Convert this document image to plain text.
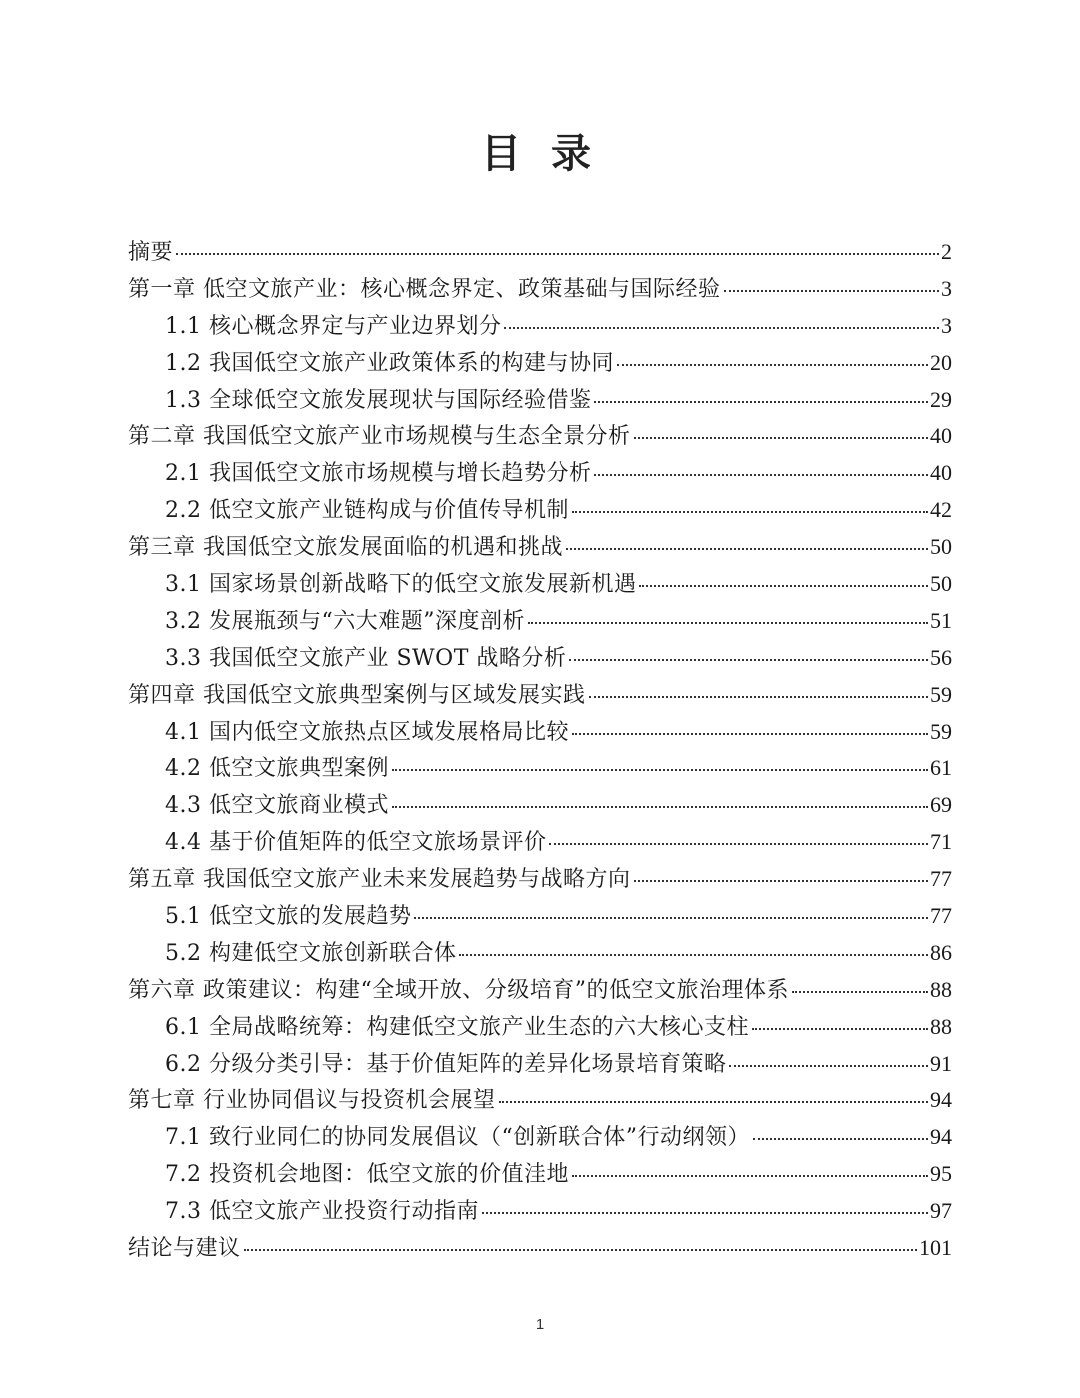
目 录
摘要	2
第一章 低空文旅产业：核心概念界定、政策基础与国际经验	3
1.1 核心概念界定与产业边界划分	3
1.2 我国低空文旅产业政策体系的构建与协同	20
1.3 全球低空文旅发展现状与国际经验借鉴	29
第二章 我国低空文旅产业市场规模与生态全景分析	40
2.1 我国低空文旅市场规模与增长趋势分析	40
2.2 低空文旅产业链构成与价值传导机制	42
第三章 我国低空文旅发展面临的机遇和挑战	50
3.1 国家场景创新战略下的低空文旅发展新机遇	50
3.2 发展瓶颈与“六大难题”深度剖析	51
3.3 我国低空文旅产业 SWOT 战略分析	56
第四章 我国低空文旅典型案例与区域发展实践	59
4.1 国内低空文旅热点区域发展格局比较	59
4.2 低空文旅典型案例	61
4.3 低空文旅商业模式	69
4.4 基于价值矩阵的低空文旅场景评价	71
第五章 我国低空文旅产业未来发展趋势与战略方向	77
5.1 低空文旅的发展趋势	77
5.2 构建低空文旅创新联合体	86
第六章 政策建议：构建“全域开放、分级培育”的低空文旅治理体系	88
6.1 全局战略统筹：构建低空文旅产业生态的六大核心支柱	88
6.2 分级分类引导：基于价值矩阵的差异化场景培育策略	91
第七章 行业协同倡议与投资机会展望	94
7.1 致行业同仁的协同发展倡议（“创新联合体”行动纲领）	94
7.2 投资机会地图：低空文旅的价值洼地	95
7.3 低空文旅产业投资行动指南	97
结论与建议	101
1
